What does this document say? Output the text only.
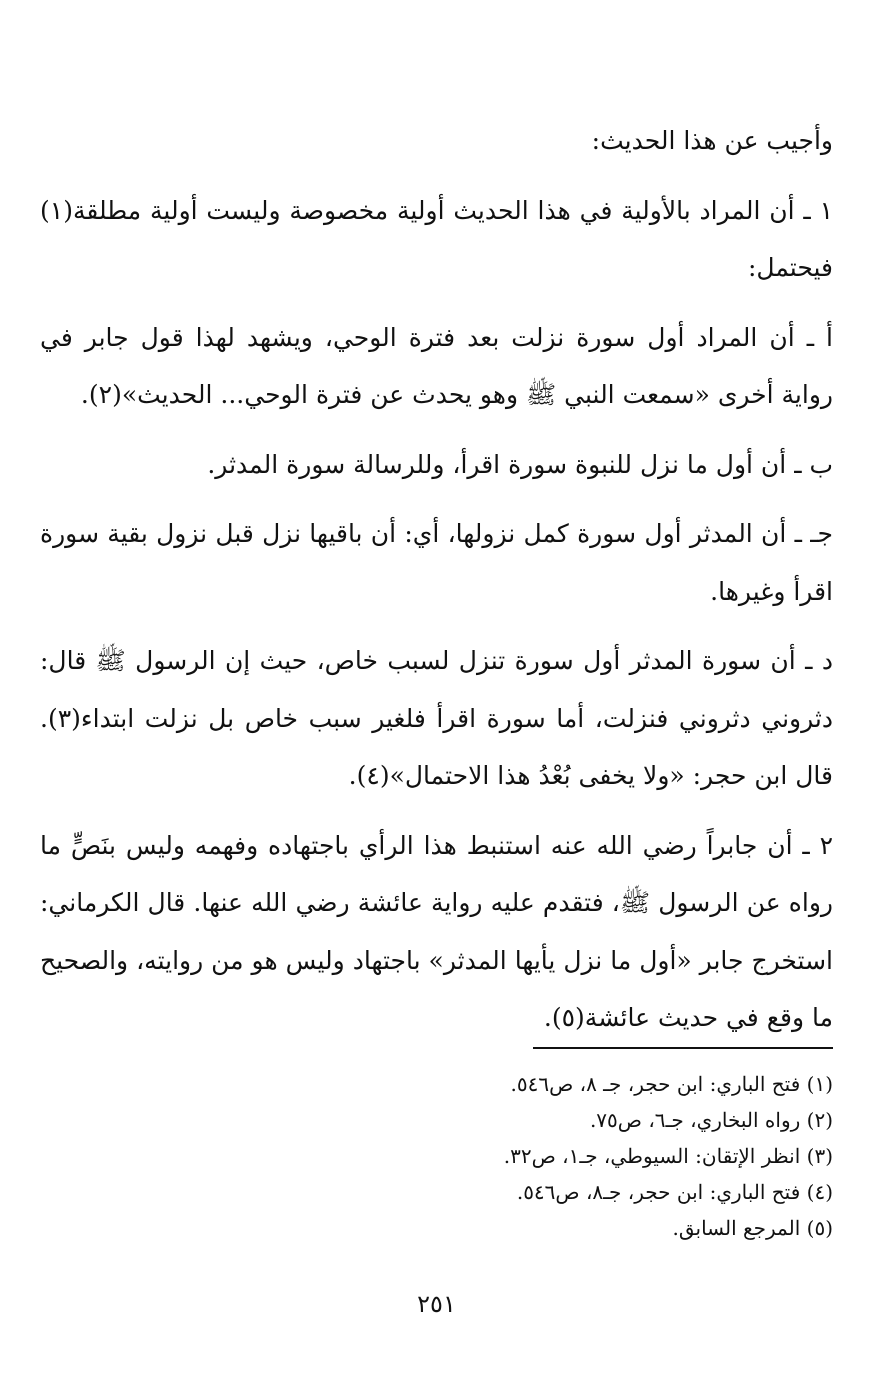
وأجيب عن هذا الحديث:

١ ـ أن المراد بالأولية في هذا الحديث أولية مخصوصة وليست أولية مطلقة(١) فيحتمل:

أ ـ أن المراد أول سورة نزلت بعد فترة الوحي، ويشهد لهذا قول جابر في رواية أخرى «سمعت النبي ﷺ وهو يحدث عن فترة الوحي... الحديث»(٢).

ب ـ أن أول ما نزل للنبوة سورة اقرأ، وللرسالة سورة المدثر.

جـ ـ أن المدثر أول سورة كمل نزولها، أي: أن باقيها نزل قبل نزول بقية سورة اقرأ وغيرها.

د ـ أن سورة المدثر أول سورة تنزل لسبب خاص، حيث إن الرسول ﷺ قال: دثروني دثروني فنزلت، أما سورة اقرأ فلغير سبب خاص بل نزلت ابتداء(٣). قال ابن حجر: «ولا يخفى بُعْدُ هذا الاحتمال»(٤).

٢ ـ أن جابراً رضي الله عنه استنبط هذا الرأي باجتهاده وفهمه وليس بنَصٍّ ما رواه عن الرسول ﷺ، فتقدم عليه رواية عائشة رضي الله عنها. قال الكرماني: استخرج جابر «أول ما نزل يأيها المدثر» باجتهاد وليس هو من روايته، والصحيح ما وقع في حديث عائشة(٥).

(١) فتح الباري: ابن حجر، جـ ٨، ص٥٤٦.

(٢) رواه البخاري، جـ٦، ص٧٥.

(٣) انظر الإتقان: السيوطي، جـ١، ص٣٢.

(٤) فتح الباري: ابن حجر، جـ٨، ص٥٤٦.

(٥) المرجع السابق.

٢٥١
